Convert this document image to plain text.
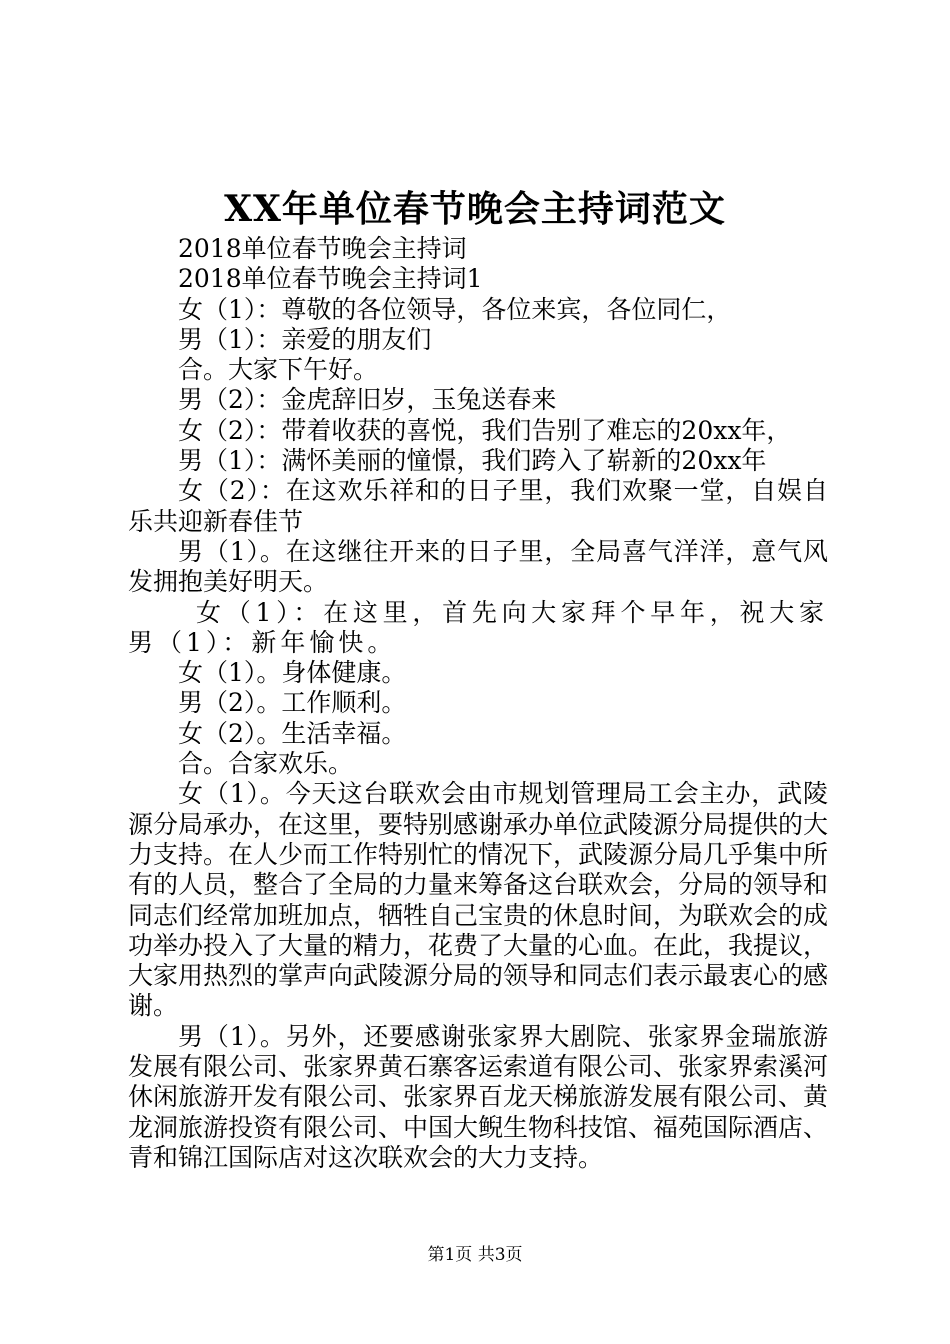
XX年单位春节晚会主持词范文

2018单位春节晚会主持词

2018单位春节晚会主持词1

女（1）：尊敬的各位领导，各位来宾，各位同仁，

男（1）：亲爱的朋友们

合。大家下午好。

男（2）：金虎辞旧岁，玉兔送春来

女（2）：带着收获的喜悦，我们告别了难忘的20xx年，

男（1）：满怀美丽的憧憬，我们跨入了崭新的20xx年

女（2）：在这欢乐祥和的日子里，我们欢聚一堂，自娱自乐共迎新春佳节

男（1）。在这继往开来的日子里，全局喜气洋洋，意气风发拥抱美好明天。

女（1）：在这里，首先向大家拜个早年，祝大家男（1）：新年愉快。

女（1）。身体健康。

男（2）。工作顺利。

女（2）。生活幸福。

合。合家欢乐。

女（1）。今天这台联欢会由市规划管理局工会主办，武陵源分局承办，在这里，要特别感谢承办单位武陵源分局提供的大力支持。在人少而工作特别忙的情况下，武陵源分局几乎集中所有的人员，整合了全局的力量来筹备这台联欢会，分局的领导和同志们经常加班加点，牺牲自己宝贵的休息时间，为联欢会的成功举办投入了大量的精力，花费了大量的心血。在此，我提议，大家用热烈的掌声向武陵源分局的领导和同志们表示最衷心的感谢。

男（1）。另外，还要感谢张家界大剧院、张家界金瑞旅游发展有限公司、张家界黄石寨客运索道有限公司、张家界索溪河休闲旅游开发有限公司、张家界百龙天梯旅游发展有限公司、黄龙洞旅游投资有限公司、中国大鲵生物科技馆、福苑国际酒店、青和锦江国际店对这次联欢会的大力支持。

第1页 共3页
